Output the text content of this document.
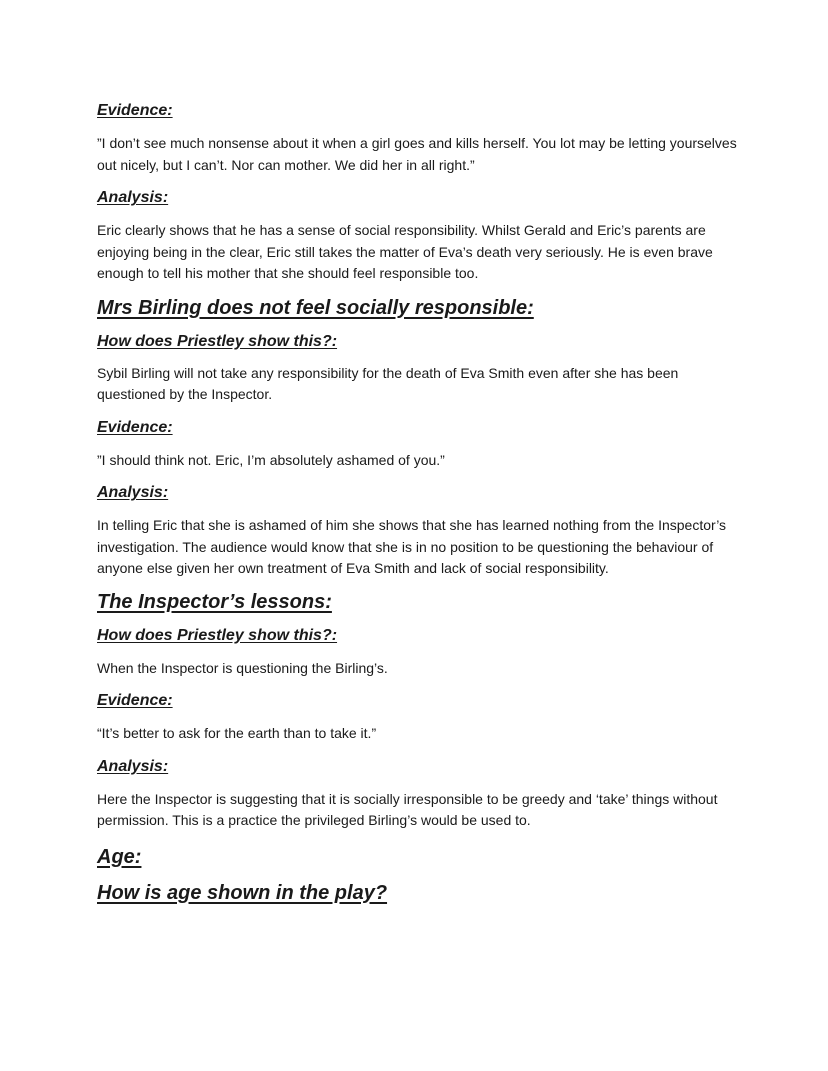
Evidence:

”I don’t see much nonsense about it when a girl goes and kills herself. You lot may be letting yourselves out nicely, but I can’t. Nor can mother. We did her in all right.”

Analysis:

Eric clearly shows that he has a sense of social responsibility. Whilst Gerald and Eric’s parents are enjoying being in the clear, Eric still takes the matter of Eva’s death very seriously. He is even brave enough to tell his mother that she should feel responsible too.

Mrs Birling does not feel socially responsible:
How does Priestley show this?:

Sybil Birling will not take any responsibility for the death of Eva Smith even after she has been questioned by the Inspector.

Evidence:

”I should think not. Eric, I’m absolutely ashamed of you.”

Analysis:

In telling Eric that she is ashamed of him she shows that she has learned nothing from the Inspector’s investigation. The audience would know that she is in no position to be questioning the behaviour of anyone else given her own treatment of Eva Smith and lack of social responsibility.

The Inspector’s lessons:
How does Priestley show this?:

When the Inspector is questioning the Birling’s.

Evidence:

“It’s better to ask for the earth than to take it.”

Analysis:

Here the Inspector is suggesting that it is socially irresponsible to be greedy and ‘take’ things without permission. This is a practice the privileged Birling’s would be used to.

Age:
How is age shown in the play?
